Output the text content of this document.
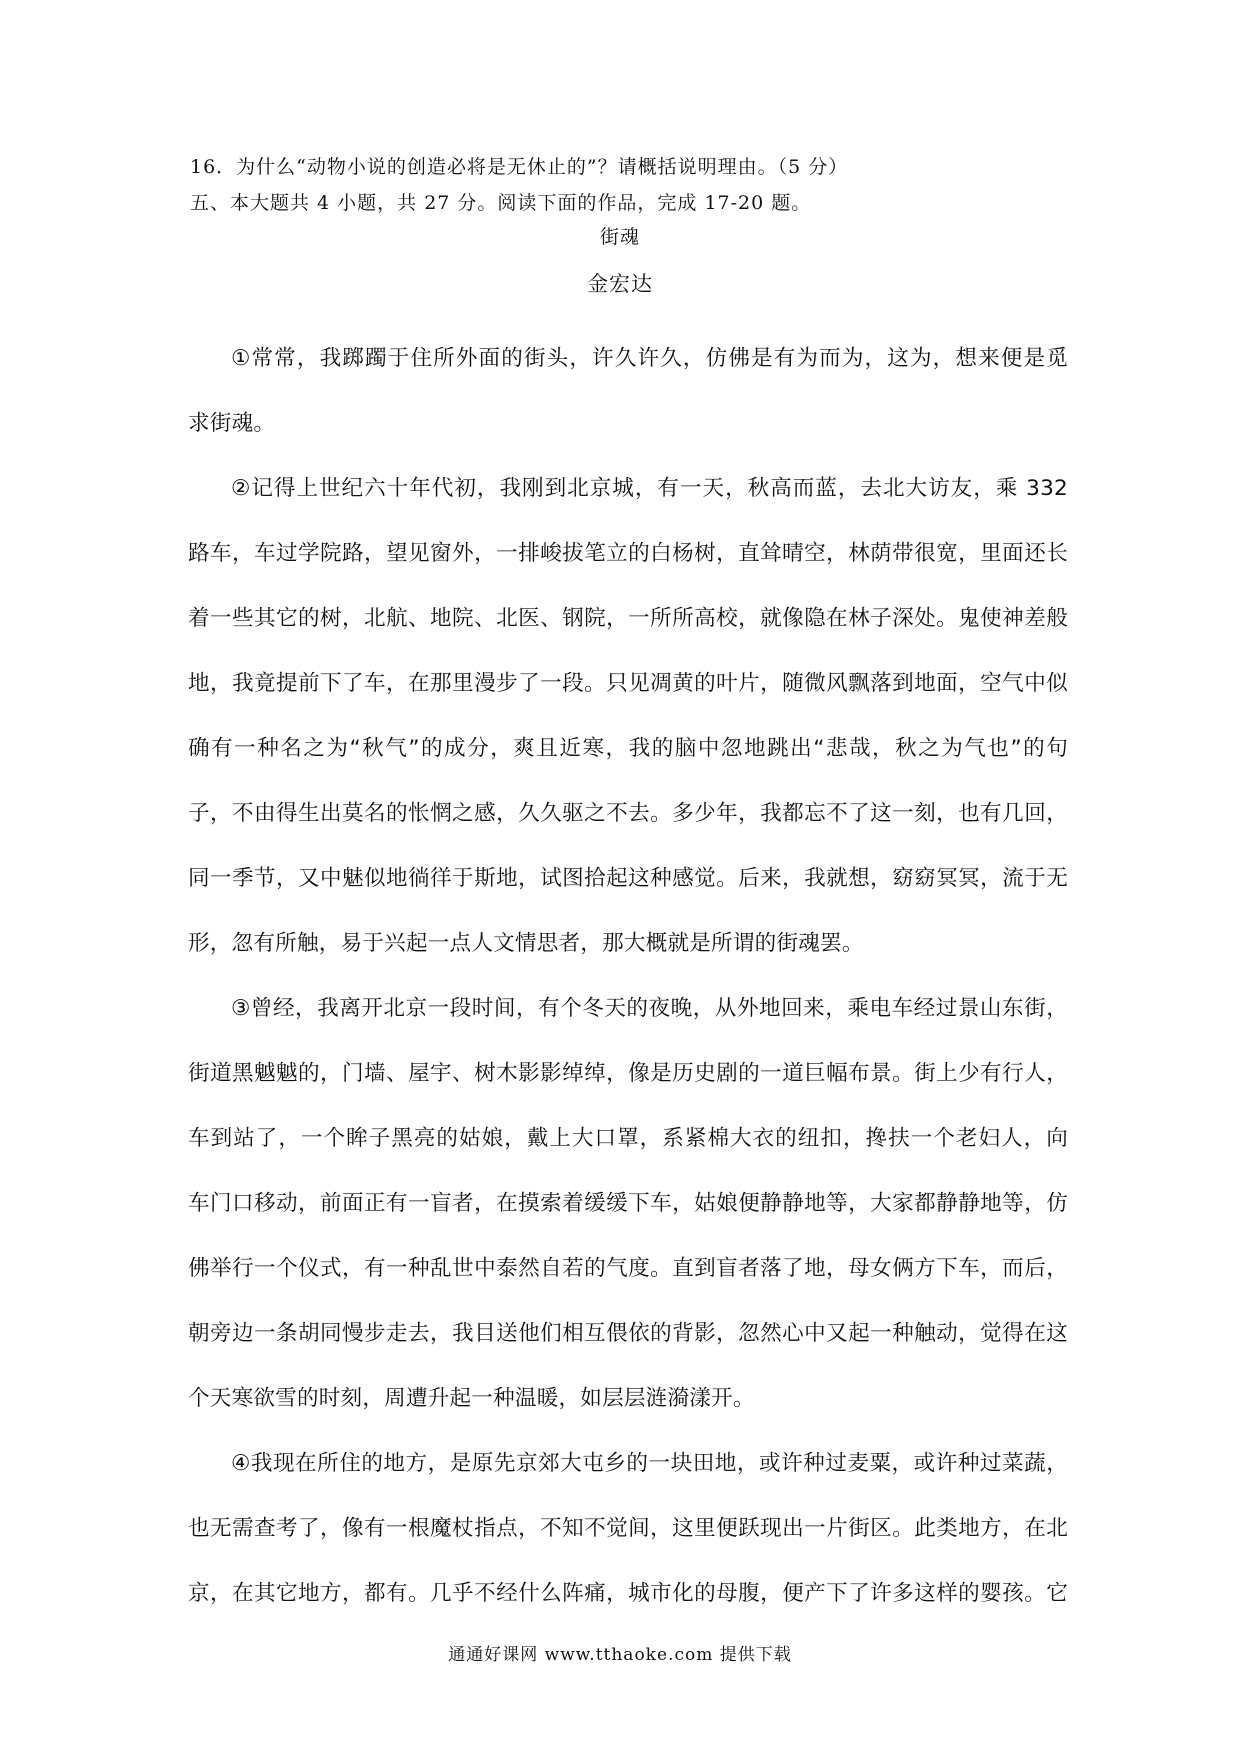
16．为什么“动物小说的创造必将是无休止的”？请概括说明理由。（5 分）
五、本大题共 4 小题，共 27 分。阅读下面的作品，完成 17-20 题。
街魂
金宏达

①常常，我踯躅于住所外面的街头，许久许久，仿佛是有为而为，这为，想来便是觅
求街魂。

②记得上世纪六十年代初，我刚到北京城，有一天，秋高而蓝，去北大访友，乘 332
路车，车过学院路，望见窗外，一排峻拔笔立的白杨树，直耸晴空，林荫带很宽，里面还长
着一些其它的树，北航、地院、北医、钢院，一所所高校，就像隐在林子深处。鬼使神差般
地，我竟提前下了车，在那里漫步了一段。只见凋黄的叶片，随微风飘落到地面，空气中似
确有一种名之为“秋气”的成分，爽且近寒，我的脑中忽地跳出“悲哉，秋之为气也”的句
子，不由得生出莫名的怅惘之感，久久驱之不去。多少年，我都忘不了这一刻，也有几回，
同一季节，又中魅似地徜徉于斯地，试图拾起这种感觉。后来，我就想，窈窈冥冥，流于无
形，忽有所触，易于兴起一点人文情思者，那大概就是所谓的街魂罢。

③曾经，我离开北京一段时间，有个冬天的夜晚，从外地回来，乘电车经过景山东街，
街道黑魆魆的，门墙、屋宇、树木影影绰绰，像是历史剧的一道巨幅布景。街上少有行人，
车到站了，一个眸子黑亮的姑娘，戴上大口罩，系紧棉大衣的纽扣，搀扶一个老妇人，向
车门口移动，前面正有一盲者，在摸索着缓缓下车，姑娘便静静地等，大家都静静地等，仿
佛举行一个仪式，有一种乱世中泰然自若的气度。直到盲者落了地，母女俩方下车，而后，
朝旁边一条胡同慢步走去，我目送他们相互偎依的背影，忽然心中又起一种触动，觉得在这
个天寒欲雪的时刻，周遭升起一种温暖，如层层涟漪漾开。

④我现在所住的地方，是原先京郊大屯乡的一块田地，或许种过麦粟，或许种过菜蔬，
也无需查考了，像有一根魔杖指点，不知不觉间，这里便跃现出一片街区。此类地方，在北
京，在其它地方，都有。几乎不经什么阵痛，城市化的母腹，便产下了许多这样的婴孩。它

通通好课网 www.tthaoke.com 提供下载
